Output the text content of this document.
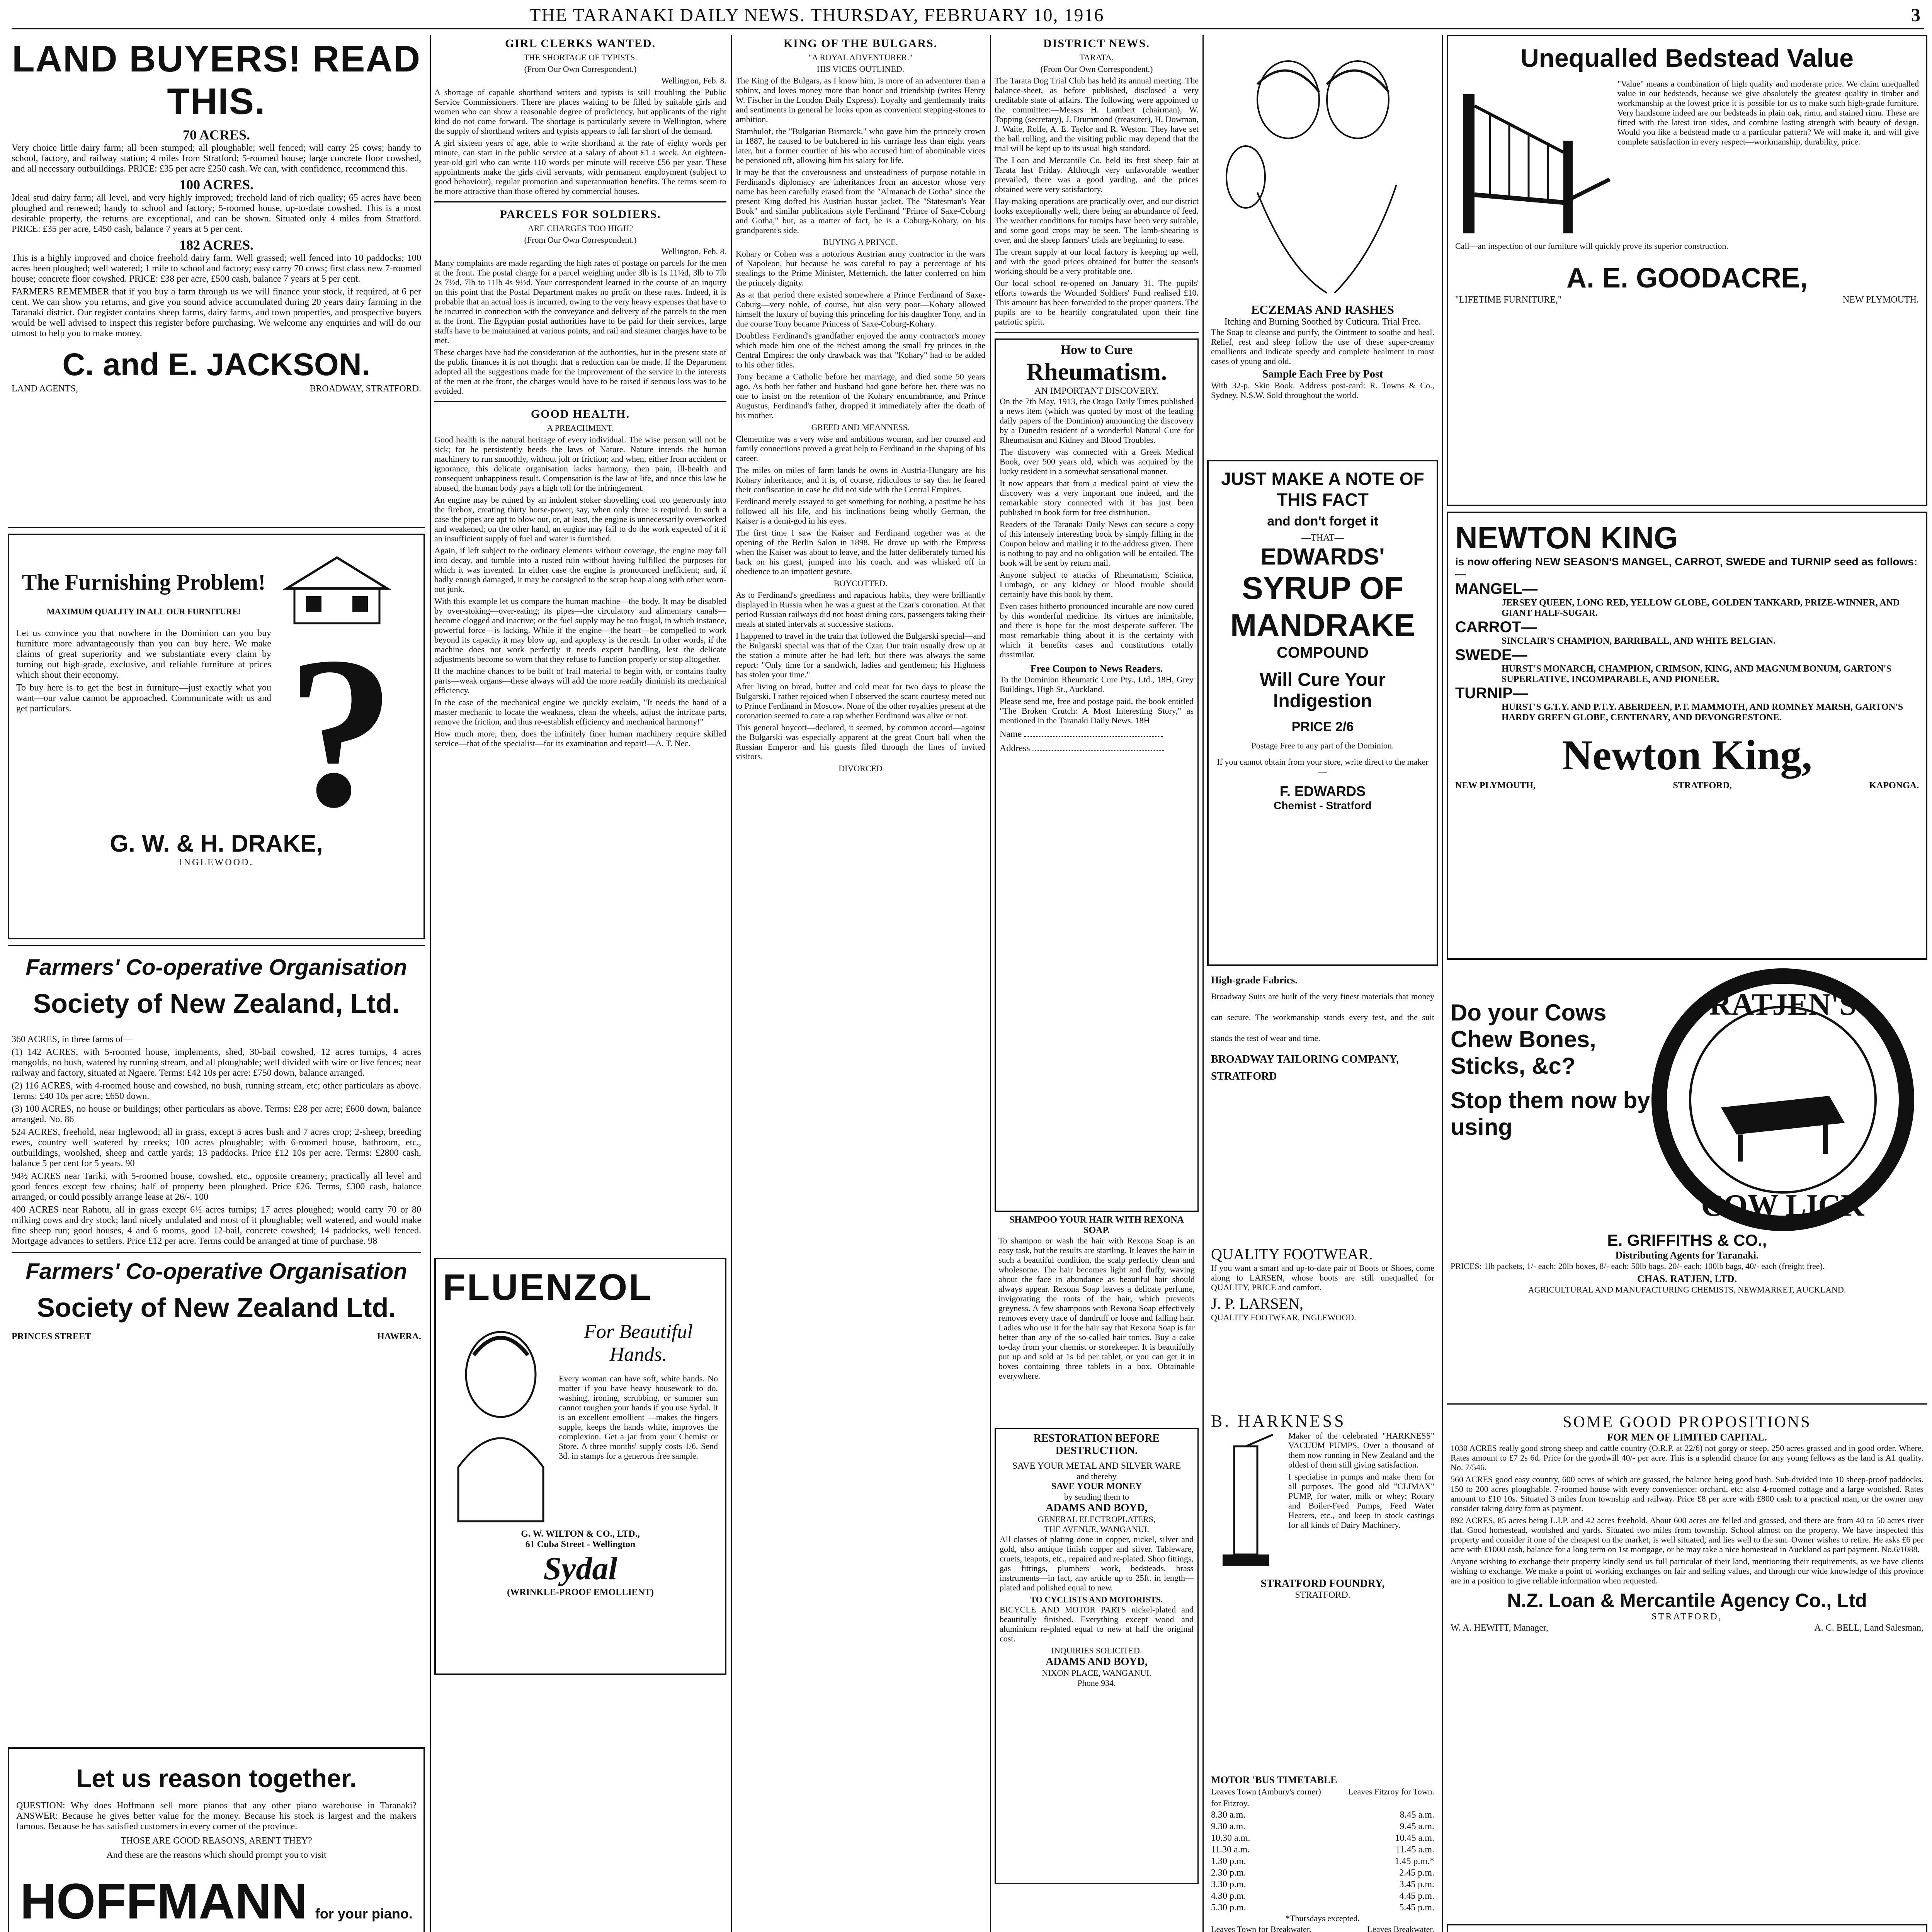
THE TARANAKI DAILY NEWS. THURSDAY, FEBRUARY 10, 1916	3
LAND BUYERS! READ THIS.
70 ACRES.

Very choice little dairy farm; all been stumped; all ploughable; well fenced; will carry 25 cows; handy to school, factory, and railway station; 4 miles from Stratford; 5-roomed house; large concrete floor cowshed, and all necessary outbuildings. PRICE: £35 per acre £250 cash. We can, with confidence, recommend this.

100 ACRES.

Ideal stud dairy farm; all level, and very highly improved; freehold land of rich quality; 65 acres have been ploughed and renewed; handy to school and factory; 5-roomed house, up-to-date cowshed. This is a most desirable property, the returns are exceptional, and can be shown. Situated only 4 miles from Stratford. PRICE: £35 per acre, £450 cash, balance 7 years at 5 per cent.

182 ACRES.

This is a highly improved and choice freehold dairy farm. Well grassed; well fenced into 10 paddocks; 100 acres been ploughed; well watered; 1 mile to school and factory; easy carry 70 cows; first class new 7-roomed house; concrete floor cowshed. PRICE: £38 per acre, £500 cash, balance 7 years at 5 per cent.

FARMERS REMEMBER that if you buy a farm through us we will finance your stock, if required, at 6 per cent. We can show you returns, and give you sound advice accumulated during 20 years dairy farming in the Taranaki district. Our register contains sheep farms, dairy farms, and town properties, and prospective buyers would be well advised to inspect this register before purchasing. We welcome any enquiries and will do our utmost to help you to make money.

C. and E. JACKSON.
LAND AGENTS,	BROADWAY, STRATFORD.
The Furnishing Problem!
MAXIMUM QUALITY IN ALL OUR FURNITURE!

Let us convince you that nowhere in the Dominion can you buy furniture more advantageously than you can buy here. We make claims of great superiority and we substantiate every claim by turning out high-grade, exclusive, and reliable furniture at prices which shout their economy.

To buy here is to get the best in furniture—just exactly what you want—our value cannot be approached. Communicate with us and get particulars. ?
G. W. & H. DRAKE,
INGLEWOOD.
Farmers' Co-operative Organisation
Society of New Zealand, Ltd.

360 ACRES, in three farms of—

(1) 142 ACRES, with 5-roomed house, implements, shed, 30-bail cowshed, 12 acres turnips, 4 acres mangolds, no bush, watered by running stream, and all ploughable; well divided with wire or live fences; near railway and factory, situated at Ngaere. Terms: £42 10s per acre: £750 down, balance arranged.

(2) 116 ACRES, with 4-roomed house and cowshed, no bush, running stream, etc; other particulars as above. Terms: £40 10s per acre; £650 down.

(3) 100 ACRES, no house or buildings; other particulars as above. Terms: £28 per acre; £600 down, balance arranged. No. 86

524 ACRES, freehold, near Inglewood; all in grass, except 5 acres bush and 7 acres crop; 2-sheep, breeding ewes, country well watered by creeks; 100 acres ploughable; with 6-roomed house, bathroom, etc., outbuildings, woolshed, sheep and cattle yards; 13 paddocks. Price £12 10s per acre. Terms: £2800 cash, balance 5 per cent for 5 years. 90

94½ ACRES near Tariki, with 5-roomed house, cowshed, etc., opposite creamery; practically all level and good fences except few chains; half of property been ploughed. Price £26. Terms, £300 cash, balance arranged, or could possibly arrange lease at 26/-. 100

400 ACRES near Rahotu, all in grass except 6½ acres turnips; 17 acres ploughed; would carry 70 or 80 milking cows and dry stock; land nicely undulated and most of it ploughable; well watered, and would make fine sheep run; good houses, 4 and 6 rooms, good 12-bail, concrete cowshed; 14 paddocks, well fenced. Mortgage advances to settlers. Price £12 per acre. Terms could be arranged at time of purchase. 98

Farmers' Co-operative Organisation
Society of New Zealand Ltd.
PRINCES STREET	HAWERA.
Let us reason together.

QUESTION: Why does Hoffmann sell more pianos that any other piano warehouse in Taranaki? ANSWER: Because he gives better value for the money. Because his stock is largest and the makers famous. Because he has satisfied customers in every corner of the province.

THOSE ARE GOOD REASONS, AREN'T THEY?
And these are the reasons which should prompt you to visit
HOFFMANN for your piano.

GIRL CLERKS WANTED.
THE SHORTAGE OF TYPISTS.
(From Our Own Correspondent.)
Wellington, Feb. 8.

A shortage of capable shorthand writers and typists is still troubling the Public Service Commissioners. There are places waiting to be filled by suitable girls and women who can show a reasonable degree of proficiency, but applicants of the right kind do not come forward. The shortage is particularly severe in Wellington, where the supply of shorthand writers and typists appears to fall far short of the demand.

A girl sixteen years of age, able to write shorthand at the rate of eighty words per minute, can start in the public service at a salary of about £1 a week. An eighteen-year-old girl who can write 110 words per minute will receive £56 per year. These appointments make the girls civil servants, with permanent employment (subject to good behaviour), regular promotion and superannuation benefits. The terms seem to be more attractive than those offered by commercial houses.

PARCELS FOR SOLDIERS.
ARE CHARGES TOO HIGH?
(From Our Own Correspondent.)
Wellington, Feb. 8.

Many complaints are made regarding the high rates of postage on parcels for the men at the front. The postal charge for a parcel weighing under 3lb is 1s 11½d, 3lb to 7lb 2s 7½d, 7lb to 11lb 4s 9½d. Your correspondent learned in the course of an inquiry on this point that the Postal Department makes no profit on these rates. Indeed, it is probable that an actual loss is incurred, owing to the very heavy expenses that have to be incurred in connection with the conveyance and delivery of the parcels to the men at the front. The Egyptian postal authorities have to be paid for their services, large staffs have to be maintained at various points, and rail and steamer charges have to be met.

These charges have had the consideration of the authorities, but in the present state of the public finances it is not thought that a reduction can be made. If the Department adopted all the suggestions made for the improvement of the service in the interests of the men at the front, the charges would have to be raised if serious loss was to be avoided.

GOOD HEALTH.
A PREACHMENT.

Good health is the natural heritage of every individual. The wise person will not be sick; for he persistently heeds the laws of Nature. Nature intends the human machinery to run smoothly, without jolt or friction; and when, either from accident or ignorance, this delicate organisation lacks harmony, then pain, ill-health and consequent unhappiness result. Compensation is the law of life, and once this law be abused, the human body pays a high toll for the infringement.

An engine may be ruined by an indolent stoker shovelling coal too generously into the firebox, creating thirty horse-power, say, when only three is required. In such a case the pipes are apt to blow out, or, at least, the engine is unnecessarily overworked and weakened; on the other hand, an engine may fail to do the work expected of it if an insufficient supply of fuel and water is furnished.

Again, if left subject to the ordinary elements without coverage, the engine may fall into decay, and tumble into a rusted ruin without having fulfilled the purposes for which it was invented. In either case the engine is pronounced inefficient; and, if badly enough damaged, it may be consigned to the scrap heap along with other worn-out junk.

With this example let us compare the human machine—the body. It may be disabled by over-stoking—over-eating; its pipes—the circulatory and alimentary canals—become clogged and inactive; or the fuel supply may be too frugal, in which instance, powerful force—is lacking. While if the engine—the heart—be compelled to work beyond its capacity it may blow up, and apoplexy is the result. In other words, if the machine does not work perfectly it needs expert handling, lest the delicate adjustments become so worn that they refuse to function properly or stop altogether.

If the machine chances to be built of frail material to begin with, or contains faulty parts—weak organs—these always will add the more readily diminish its mechanical efficiency.

In the case of the mechanical engine we quickly exclaim, "It needs the hand of a master mechanic to locate the weakness, clean the wheels, adjust the intricate parts, remove the friction, and thus re-establish efficiency and mechanical harmony!"

How much more, then, does the infinitely finer human machinery require skilled service—that of the specialist—for its examination and repair!—A. T. Nec.

FLUENZOL
For Beautiful Hands.

Every woman can have soft, white hands. No matter if you have heavy housework to do, washing, ironing, scrubbing, or summer sun cannot roughen your hands if you use Sydal. It is an excellent emollient —makes the fingers supple, keeps the hands white, improves the complexion. Get a jar from your Chemist or Store. A three months' supply costs 1/6. Send 3d. in stamps for a generous free sample.

G. W. WILTON & CO., LTD.,
61 Cuba Street - Wellington
Sydal
(WRINKLE-PROOF EMOLLIENT)
KING OF THE BULGARS.
"A ROYAL ADVENTURER."
HIS VICES OUTLINED.

The King of the Bulgars, as I know him, is more of an adventurer than a sphinx, and loves money more than honor and friendship (writes Henry W. Fischer in the London Daily Express). Loyalty and gentlemanly traits and sentiments in general he looks upon as convenient stepping-stones to ambition.

Stambulof, the "Bulgarian Bismarck," who gave him the princely crown in 1887, he caused to be butchered in his carriage less than eight years later, but a former courtier of his who accused him of abominable vices he pensioned off, allowing him his salary for life.

It may be that the covetousness and unsteadiness of purpose notable in Ferdinand's diplomacy are inheritances from an ancestor whose very name has been carefully erased from the "Almanach de Gotha" since the present King doffed his Austrian hussar jacket. The "Statesman's Year Book" and similar publications style Ferdinand "Prince of Saxe-Coburg and Gotha," but, as a matter of fact, he is a Coburg-Kohary, on his grandparent's side.

BUYING A PRINCE.

Kohary or Cohen was a notorious Austrian army contractor in the wars of Napoleon, but because he was careful to pay a percentage of his stealings to the Prime Minister, Metternich, the latter conferred on him the princely dignity.

As at that period there existed somewhere a Prince Ferdinand of Saxe-Coburg—very noble, of course, but also very poor—Kohary allowed himself the luxury of buying this princeling for his daughter Tony, and in due course Tony became Princess of Saxe-Coburg-Kohary.

Doubtless Ferdinand's grandfather enjoyed the army contractor's money which made him one of the richest among the small fry princes in the Central Empires; the only drawback was that "Kohary" had to be added to his other titles.

Tony became a Catholic before her marriage, and died some 50 years ago. As both her father and husband had gone before her, there was no one to insist on the retention of the Kohary encumbrance, and Prince Augustus, Ferdinand's father, dropped it immediately after the death of his mother.

GREED AND MEANNESS.

Clementine was a very wise and ambitious woman, and her counsel and family connections proved a great help to Ferdinand in the shaping of his career.

The miles on miles of farm lands he owns in Austria-Hungary are his Kohary inheritance, and it is, of course, ridiculous to say that he feared their confiscation in case he did not side with the Central Empires.

Ferdinand merely essayed to get something for nothing, a pastime he has followed all his life, and his inclinations being wholly German, the Kaiser is a demi-god in his eyes.

The first time I saw the Kaiser and Ferdinand together was at the opening of the Berlin Salon in 1898. He drove up with the Empress when the Kaiser was about to leave, and the latter deliberately turned his back on his guest, jumped into his coach, and was whisked off in obedience to an impatient gesture.

BOYCOTTED.

As to Ferdinand's greediness and rapacious habits, they were brilliantly displayed in Russia when he was a guest at the Czar's coronation. At that period Russian railways did not boast dining cars, passengers taking their meals at stated intervals at successive stations.

I happened to travel in the train that followed the Bulgarski special—and the Bulgarski special was that of the Czar. Our train usually drew up at the station a minute after he had left, but there was always the same report: "Only time for a sandwich, ladies and gentlemen; his Highness has stolen your time."

After living on bread, butter and cold meat for two days to please the Bulgarski, I rather rejoiced when I observed the scant courtesy meted out to Prince Ferdinand in Moscow. None of the other royalties present at the coronation seemed to care a rap whether Ferdinand was alive or not.

This general boycott—declared, it seemed, by common accord—against the Bulgarski was especially apparent at the great Court ball when the Russian Emperor and his guests filed through the lines of invited visitors.

DIVORCED
DISTRICT NEWS.
TARATA.
(From Our Own Correspondent.)

The Tarata Dog Trial Club has held its annual meeting. The balance-sheet, as before published, disclosed a very creditable state of affairs. The following were appointed to the committee:—Messrs H. Lambert (chairman), W. Topping (secretary), J. Drummond (treasurer), H. Dowman, J. Waite, Rolfe, A. E. Taylor and R. Weston. They have set the ball rolling, and the visiting public may depend that the trial will be kept up to its usual high standard.

The Loan and Mercantile Co. held its first sheep fair at Tarata last Friday. Although very unfavorable weather prevailed, there was a good yarding, and the prices obtained were very satisfactory.

Hay-making operations are practically over, and our district looks exceptionally well, there being an abundance of feed. The weather conditions for turnips have been very suitable, and some good crops may be seen. The lamb-shearing is over, and the sheep farmers' trials are beginning to ease.

The cream supply at our local factory is keeping up well, and with the good prices obtained for butter the season's working should be a very profitable one.

Our local school re-opened on January 31. The pupils' efforts towards the Wounded Soldiers' Fund realised £10. This amount has been forwarded to the proper quarters. The pupils are to be heartily congratulated upon their fine patriotic spirit.

How to Cure
Rheumatism.
AN IMPORTANT DISCOVERY.

On the 7th May, 1913, the Otago Daily Times published a news item (which was quoted by most of the leading daily papers of the Dominion) announcing the discovery by a Dunedin resident of a wonderful Natural Cure for Rheumatism and Kidney and Blood Troubles.

The discovery was connected with a Greek Medical Book, over 500 years old, which was acquired by the lucky resident in a somewhat sensational manner.

It now appears that from a medical point of view the discovery was a very important one indeed, and the remarkable story connected with it has just been published in book form for free distribution.

Readers of the Taranaki Daily News can secure a copy of this intensely interesting book by simply filling in the Coupon below and mailing it to the address given. There is nothing to pay and no obligation will be entailed. The book will be sent by return mail.

Anyone subject to attacks of Rheumatism, Sciatica, Lumbago, or any kidney or blood trouble should certainly have this book by them.

Even cases hitherto pronounced incurable are now cured by this wonderful medicine. Its virtues are inimitable, and there is hope for the most desperate sufferer. The most remarkable thing about it is the certainty with which it benefits cases and constitutions totally dissimilar.

Free Coupon to News Readers.

To the Dominion Rheumatic Cure Pty., Ltd., 18H, Grey Buildings, High St., Auckland.

Please send me, free and postage paid, the book entitled "The Broken Crutch: A Most Interesting Story," as mentioned in the Taranaki Daily News. 18H

Name
Address
SHAMPOO YOUR HAIR WITH REXONA SOAP.

To shampoo or wash the hair with Rexona Soap is an easy task, but the results are startling. It leaves the hair in such a beautiful condition, the scalp perfectly clean and wholesome. The hair becomes light and fluffy, waving about the face in abundance as beautiful hair should always appear. Rexona Soap leaves a delicate perfume, invigorating the roots of the hair, which prevents greyness. A few shampoos with Rexona Soap effectively removes every trace of dandruff or loose and falling hair. Ladies who use it for the hair say that Rexona Soap is far better than any of the so-called hair tonics. Buy a cake to-day from your chemist or storekeeper. It is beautifully put up and sold at 1s 6d per tablet, or you can get it in boxes containing three tablets in a box. Obtainable everywhere.

RESTORATION BEFORE DESTRUCTION.
SAVE YOUR METAL AND SILVER WARE
and thereby
SAVE YOUR MONEY
by sending them to
ADAMS AND BOYD,
GENERAL ELECTROPLATERS,
THE AVENUE, WANGANUI.

All classes of plating done in copper, nickel, silver and gold, also antique finish copper and silver. Tableware, cruets, teapots, etc., repaired and re-plated. Shop fittings, gas fittings, plumbers' work, bedsteads, brass instruments—in fact, any article up to 25ft. in length—plated and polished equal to new.

TO CYCLISTS AND MOTORISTS.

BICYCLE AND MOTOR PARTS nickel-plated and beautifully finished. Everything except wood and aluminium re-plated equal to new at half the original cost.

INQUIRIES SOLICITED.
ADAMS AND BOYD,
NIXON PLACE, WANGANUI.
Phone 934.
ECZEMAS AND RASHES
Itching and Burning Soothed by Cuticura. Trial Free.

The Soap to cleanse and purify, the Ointment to soothe and heal. Relief, rest and sleep follow the use of these super-creamy emollients and indicate speedy and complete healment in most cases of young and old.

Sample Each Free by Post

With 32-p. Skin Book. Address post-card: R. Towns & Co., Sydney, N.S.W. Sold throughout the world.

JUST MAKE A NOTE OF THIS FACT
and don't forget it
—THAT—
EDWARDS'
SYRUP OF MANDRAKE
COMPOUND
Will Cure Your Indigestion
PRICE 2/6
Postage Free to any part of the Dominion.
If you cannot obtain from your store, write direct to the maker—
F. EDWARDS
Chemist - Stratford
High-grade Fabrics.

Broadway Suits are built of the very finest materials that money can secure. The workmanship stands every test, and the suit stands the test of wear and time.

BROADWAY TAILORING COMPANY, STRATFORD
QUALITY FOOTWEAR.

If you want a smart and up-to-date pair of Boots or Shoes, come along to LARSEN, whose boots are still unequalled for QUALITY, PRICE and comfort.

J. P. LARSEN,
QUALITY FOOTWEAR, INGLEWOOD.
B. HARKNESS

Maker of the celebrated "HARKNESS" VACUUM PUMPS. Over a thousand of them now running in New Zealand and the oldest of them still giving satisfaction.

I specialise in pumps and make them for all purposes. The good old "CLIMAX" PUMP, for water, milk or whey; Rotary and Boiler-Feed Pumps, Feed Water Heaters, etc., and keep in stock castings for all kinds of Dairy Machinery.

STRATFORD FOUNDRY,
STRATFORD.
MOTOR 'BUS TIMETABLE
Leaves Town (Ambury's corner) for Fitzroy.
Leaves Fitzroy for Town.
8.30 a.m.	8.45 a.m.
9.30 a.m.	9.45 a.m.
10.30 a.m.	10.45 a.m.
11.30 a.m.	11.45 a.m.
1.30 p.m.	1.45 p.m.*
2.30 p.m.	2.45 p.m.
3.30 p.m.	3.45 p.m.
4.30 p.m.	4.45 p.m.
5.30 p.m.	5.45 p.m.
*Thursdays excepted.
Leaves Town for Breakwater.	Leaves Breakwater.

Unequalled Bedstead Value

"Value" means a combination of high quality and moderate price. We claim unequalled value in our bedsteads, because we give absolutely the greatest quality in timber and workmanship at the lowest price it is possible for us to make such high-grade furniture. Very handsome indeed are our bedsteads in plain oak, rimu, and stained rimu. These are fitted with the latest iron sides, and combine lasting strength with beauty of design. Would you like a bedstead made to a particular pattern? We will make it, and will give complete satisfaction in every respect—workmanship, durability, price.

Call—an inspection of our furniture will quickly prove its superior construction.

A. E. GOODACRE,
"LIFETIME FURNITURE,"	NEW PLYMOUTH.
NEWTON KING
is now offering NEW SEASON'S MANGEL, CARROT, SWEDE and TURNIP seed as follows:—
MANGEL—
JERSEY QUEEN, LONG RED, YELLOW GLOBE, GOLDEN TANKARD, PRIZE-WINNER, AND GIANT HALF-SUGAR.
CARROT—
SINCLAIR'S CHAMPION, BARRIBALL, AND WHITE BELGIAN.
SWEDE—
HURST'S MONARCH, CHAMPION, CRIMSON, KING, AND MAGNUM BONUM, GARTON'S SUPERLATIVE, INCOMPARABLE, AND PIONEER.
TURNIP—
HURST'S G.T.Y. AND P.T.Y. ABERDEEN, P.T. MAMMOTH, AND ROMNEY MARSH, GARTON'S HARDY GREEN GLOBE, CENTENARY, AND DEVONGRESTONE.
Newton King,
NEW PLYMOUTH,	STRATFORD,	KAPONGA.
Do your Cows Chew Bones, Sticks, &c?
Stop them now by using
RATJEN'S
COW LICK
E. GRIFFITHS & CO.,
Distributing Agents for Taranaki.

PRICES: 1lb packets, 1/- each; 20lb boxes, 8/- each; 50lb bags, 20/- each; 100lb bags, 40/- each (freight free).

CHAS. RATJEN, LTD.
AGRICULTURAL AND MANUFACTURING CHEMISTS, NEWMARKET, AUCKLAND.
SOME GOOD PROPOSITIONS
FOR MEN OF LIMITED CAPITAL.

1030 ACRES really good strong sheep and cattle country (O.R.P. at 22/6) not gorgy or steep. 250 acres grassed and in good order. Where. Rates amount to £7 2s 6d. Price for the goodwill 40/- per acre. This is a splendid chance for any young fellows as the land is A1 quality. No. 7/546.

560 ACRES good easy country, 600 acres of which are grassed, the balance being good bush. Sub-divided into 10 sheep-proof paddocks. 150 to 200 acres ploughable. 7-roomed house with every convenience; orchard, etc; also 4-roomed cottage and a large woolshed. Rates amount to £10 10s. Situated 3 miles from township and railway. Price £8 per acre with £800 cash to a practical man, or the owner may consider taking dairy farm as payment.

892 ACRES, 85 acres being L.I.P. and 42 acres freehold. About 600 acres are felled and grassed, and there are from 40 to 50 acres river flat. Good homestead, woolshed and yards. Situated two miles from township. School almost on the property. We have inspected this property and consider it one of the cheapest on the market, is well situated, and lies well to the sun. Owner wishes to retire. He asks £6 per acre with £1000 cash, balance for a long term on 1st mortgage, or he may take a nice homestead in Auckland as part payment. No.6/1088.

Anyone wishing to exchange their property kindly send us full particular of their land, mentioning their requirements, as we have clients wishing to exchange. We make a point of working exchanges on fair and selling values, and through our wide knowledge of this province are in a position to give reliable information when requested.

N.Z. Loan & Mercantile Agency Co., Ltd
STRATFORD,
W. A. HEWITT, Manager,	A. C. BELL, Land Salesman,
